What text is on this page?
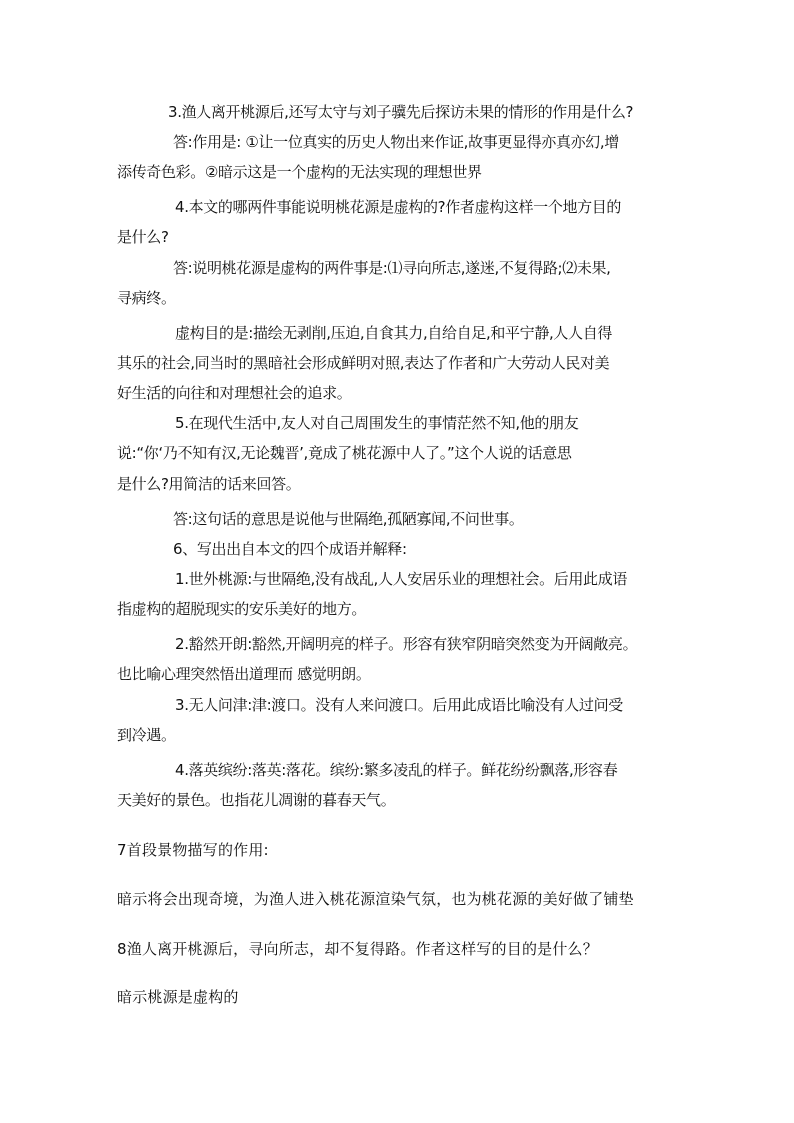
3.渔人离开桃源后,还写太守与刘子骥先后探访未果的情形的作用是什么?

答:作用是: ①让一位真实的历史人物出来作证,故事更显得亦真亦幻,增

添传奇色彩。②暗示这是一个虚构的无法实现的理想世界

4.本文的哪两件事能说明桃花源是虚构的?作者虚构这样一个地方目的

是什么?

答:说明桃花源是虚构的两件事是:⑴寻向所志,遂迷,不复得路;⑵未果,

寻病终。

虚构目的是:描绘无剥削,压迫,自食其力,自给自足,和平宁静,人人自得

其乐的社会,同当时的黑暗社会形成鲜明对照,表达了作者和广大劳动人民对美

好生活的向往和对理想社会的追求。

5.在现代生活中,友人对自己周围发生的事情茫然不知,他的朋友

说:“你‘乃不知有汉,无论魏晋’,竟成了桃花源中人了。”这个人说的话意思

是什么?用简洁的话来回答。

答:这句话的意思是说他与世隔绝,孤陋寡闻,不问世事。

6、写出出自本文的四个成语并解释:

1.世外桃源:与世隔绝,没有战乱,人人安居乐业的理想社会。后用此成语

指虚构的超脱现实的安乐美好的地方。

2.豁然开朗:豁然,开阔明亮的样子。形容有狭窄阴暗突然变为开阔敞亮。

也比喻心理突然悟出道理而 感觉明朗。

3.无人问津:津:渡口。没有人来问渡口。后用此成语比喻没有人过问受

到冷遇。

4.落英缤纷:落英:落花。缤纷:繁多凌乱的样子。鲜花纷纷飘落,形容春

天美好的景色。也指花儿凋谢的暮春天气。

7首段景物描写的作用:

暗示将会出现奇境，为渔人进入桃花源渲染气氛，也为桃花源的美好做了铺垫

8渔人离开桃源后，寻向所志，却不复得路。作者这样写的目的是什么？

暗示桃源是虚构的
